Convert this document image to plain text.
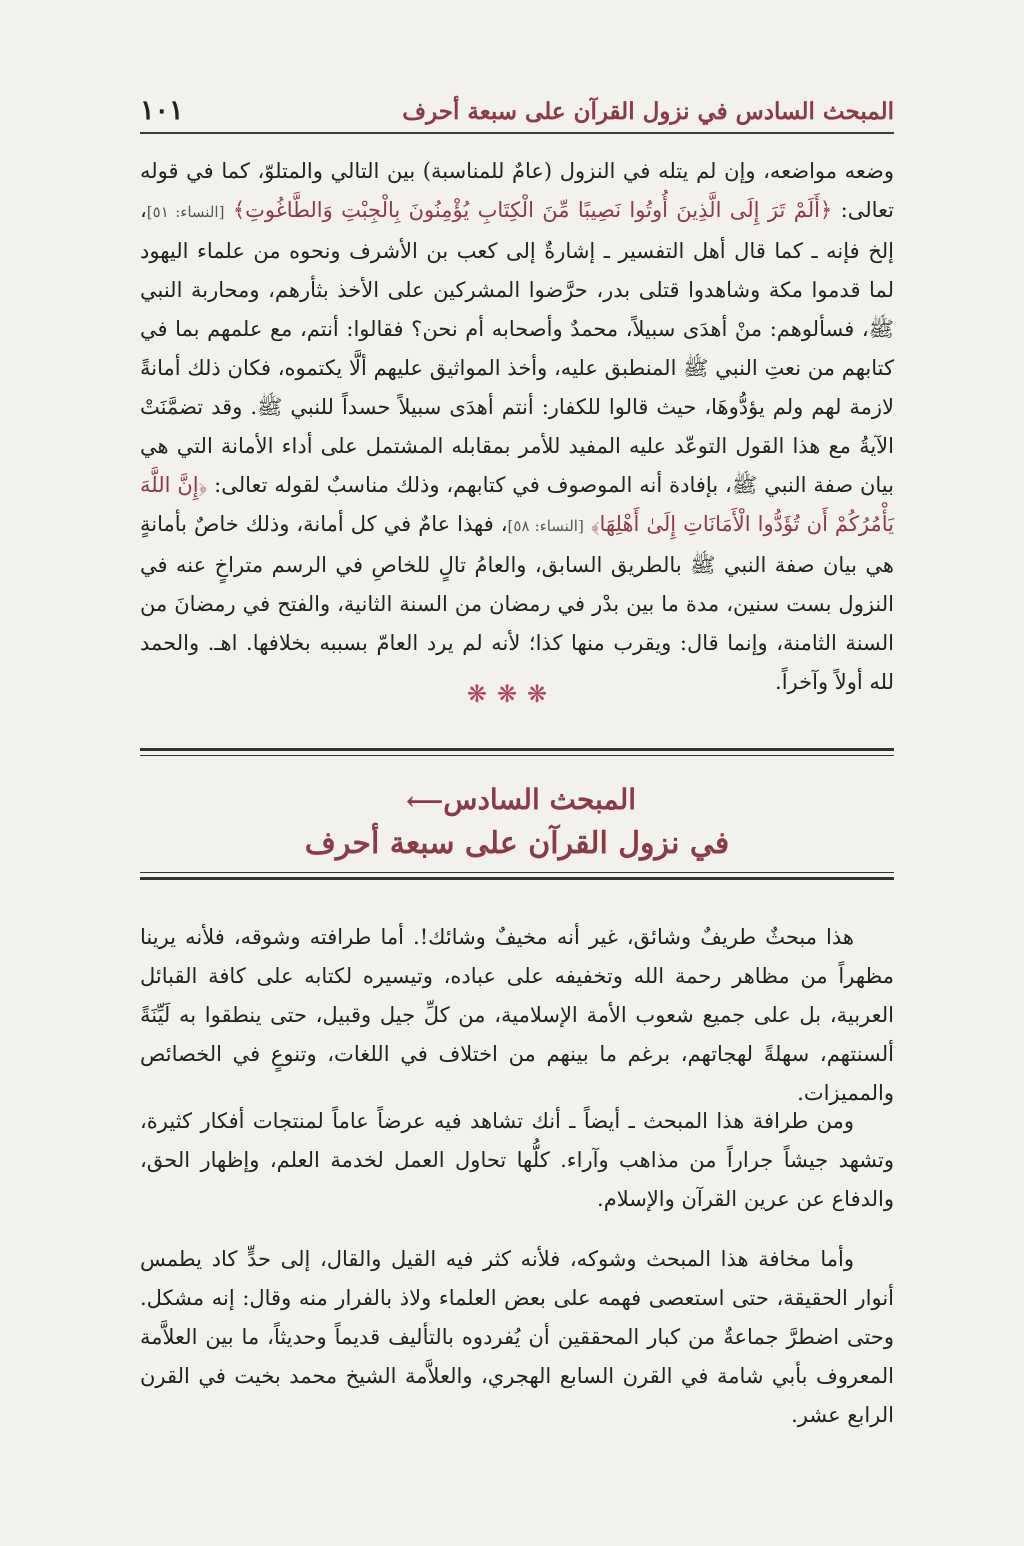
١٠١	المبحث السادس في نزول القرآن على سبعة أحرف

وضعه مواضعه، وإن لم يتله في النزول (عامٌ للمناسبة) بين التالي والمتلوّ، كما في قوله تعالى: ﴿أَلَمْ تَرَ إِلَى الَّذِينَ أُوتُوا نَصِيبًا مِّنَ الْكِتَابِ يُؤْمِنُونَ بِالْجِبْتِ وَالطَّاغُوتِ﴾ [النساء: ٥١]، إلخ فإنه ـ كما قال أهل التفسير ـ إشارةٌ إلى كعب بن الأشرف ونحوه من علماء اليهود لما قدموا مكة وشاهدوا قتلى بدر، حرَّضوا المشركين على الأخذ بثأرهم، ومحاربة النبي ﷺ، فسألوهم: منْ أهدَى سبيلاً، محمدٌ وأصحابه أم نحن؟ فقالوا: أنتم، مع علمهم بما في كتابهم من نعتِ النبي ﷺ المنطبق عليه، وأخذ المواثيق عليهم ألَّا يكتموه، فكان ذلك أمانةً لازمة لهم ولم يؤدُّوهَا، حيث قالوا للكفار: أنتم أهدَى سبيلاً حسداً للنبي ﷺ. وقد تضمَّنَتْ الآيةُ مع هذا القول التوعّد عليه المفيد للأمر بمقابله المشتمل على أداء الأمانة التي هي بيان صفة النبي ﷺ، بإفادة أنه الموصوف في كتابهم، وذلك مناسبٌ لقوله تعالى: ﴿إِنَّ اللَّهَ يَأْمُرُكُمْ أَن تُؤَدُّوا الْأَمَانَاتِ إِلَىٰ أَهْلِهَا﴾ [النساء: ٥٨]، فهذا عامٌ في كل أمانة، وذلك خاصٌ بأمانةٍ هي بيان صفة النبي ﷺ بالطريق السابق، والعامُ تالٍ للخاصِ في الرسم متراخٍ عنه في النزول بست سنين، مدة ما بين بدْر في رمضان من السنة الثانية، والفتح في رمضانَ من السنة الثامنة، وإنما قال: ويقرب منها كذا؛ لأنه لم يرد العامّ بسببه بخلافها. اهـ. والحمد لله أولاً وآخراً.

❋❋❋
المبحث السادس⟵
في نزول القرآن على سبعة أحرف

هذا مبحثٌ طريفٌ وشائق، غير أنه مخيفٌ وشائك!. أما طرافته وشوقه، فلأنه يرينا مظهراً من مظاهر رحمة الله وتخفيفه على عباده، وتيسيره لكتابه على كافة القبائل العربية، بل على جميع شعوب الأمة الإسلامية، من كلِّ جيل وقبيل، حتى ينطقوا به لَيِّنَةً ألسنتهم، سهلةً لهجاتهم، برغم ما بينهم من اختلاف في اللغات، وتنوعٍ في الخصائص والمميزات.

ومن طرافة هذا المبحث ـ أيضاً ـ أنك تشاهد فيه عرضاً عاماً لمنتجات أفكار كثيرة، وتشهد جيشاً جراراً من مذاهب وآراء. كلُّها تحاول العمل لخدمة العلم، وإظهار الحق، والدفاع عن عرين القرآن والإسلام.

وأما مخافة هذا المبحث وشوكه، فلأنه كثر فيه القيل والقال، إلى حدٍّ كاد يطمس أنوار الحقيقة، حتى استعصى فهمه على بعض العلماء ولاذ بالفرار منه وقال: إنه مشكل. وحتى اضطرَّ جماعةٌ من كبار المحققين أن يُفردوه بالتأليف قديماً وحديثاً، ما بين العلاَّمة المعروف بأبي شامة في القرن السابع الهجري، والعلاَّمة الشيخ محمد بخيت في القرن الرابع عشر.
